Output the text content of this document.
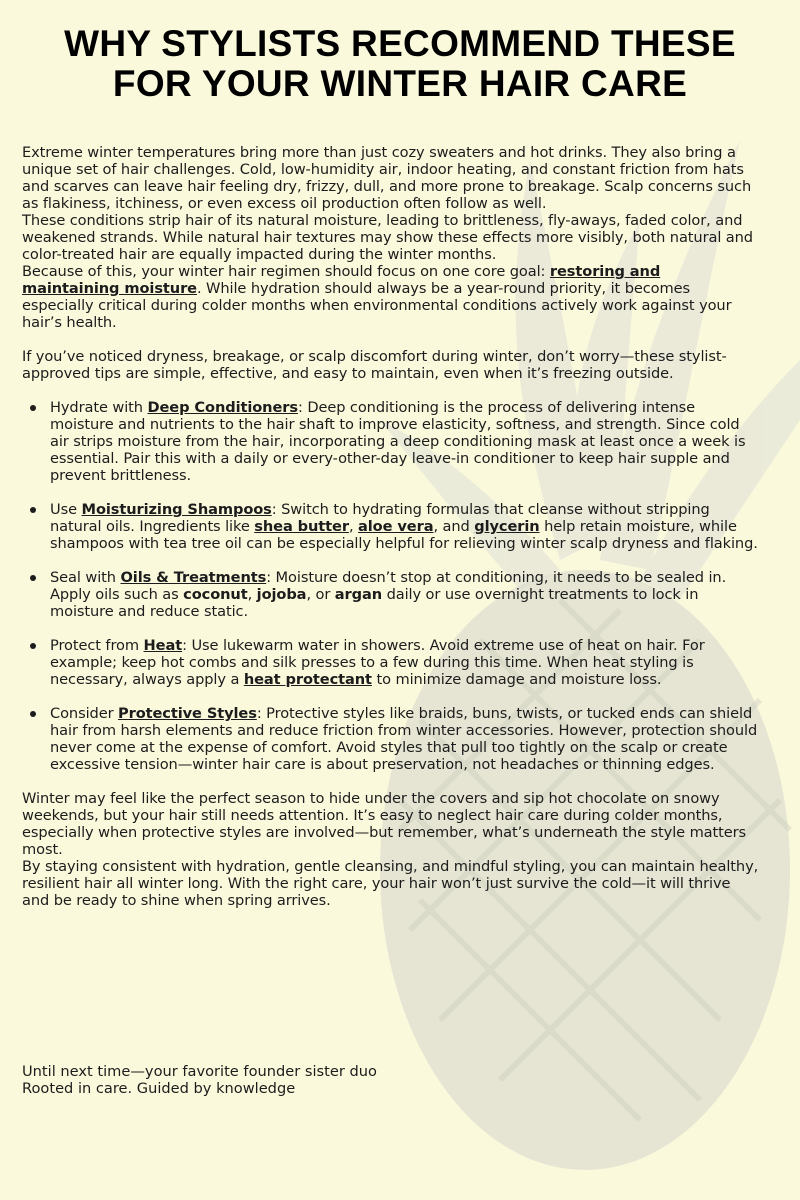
WHY STYLISTS RECOMMEND THESE FOR YOUR WINTER HAIR CARE

Extreme winter temperatures bring more than just cozy sweaters and hot drinks. They also bring a unique set of hair challenges. Cold, low-humidity air, indoor heating, and constant friction from hats and scarves can leave hair feeling dry, frizzy, dull, and more prone to breakage. Scalp concerns such as flakiness, itchiness, or even excess oil production often follow as well.

These conditions strip hair of its natural moisture, leading to brittleness, fly-aways, faded color, and weakened strands. While natural hair textures may show these effects more visibly, both natural and color-treated hair are equally impacted during the winter months.

Because of this, your winter hair regimen should focus on one core goal: restoring and maintaining moisture. While hydration should always be a year-round priority, it becomes especially critical during colder months when environmental conditions actively work against your hair’s health.

If you’ve noticed dryness, breakage, or scalp discomfort during winter, don’t worry—these stylist-approved tips are simple, effective, and easy to maintain, even when it’s freezing outside.

Hydrate with Deep Conditioners: Deep conditioning is the process of delivering intense moisture and nutrients to the hair shaft to improve elasticity, softness, and strength. Since cold air strips moisture from the hair, incorporating a deep conditioning mask at least once a week is essential. Pair this with a daily or every-other-day leave-in conditioner to keep hair supple and prevent brittleness.
Use Moisturizing Shampoos: Switch to hydrating formulas that cleanse without stripping natural oils. Ingredients like shea butter, aloe vera, and glycerin help retain moisture, while shampoos with tea tree oil can be especially helpful for relieving winter scalp dryness and flaking.
Seal with Oils & Treatments: Moisture doesn’t stop at conditioning, it needs to be sealed in. Apply oils such as coconut, jojoba, or argan daily or use overnight treatments to lock in moisture and reduce static.
Protect from Heat: Use lukewarm water in showers. Avoid extreme use of heat on hair. For example; keep hot combs and silk presses to a few during this time. When heat styling is necessary, always apply a heat protectant to minimize damage and moisture loss.
Consider Protective Styles: Protective styles like braids, buns, twists, or tucked ends can shield hair from harsh elements and reduce friction from winter accessories. However, protection should never come at the expense of comfort. Avoid styles that pull too tightly on the scalp or create excessive tension—winter hair care is about preservation, not headaches or thinning edges.

Winter may feel like the perfect season to hide under the covers and sip hot chocolate on snowy weekends, but your hair still needs attention. It’s easy to neglect hair care during colder months, especially when protective styles are involved—but remember, what’s underneath the style matters most.

By staying consistent with hydration, gentle cleansing, and mindful styling, you can maintain healthy, resilient hair all winter long. With the right care, your hair won’t just survive the cold—it will thrive and be ready to shine when spring arrives.

Until next time—your favorite founder sister duo
Rooted in care. Guided by knowledge
